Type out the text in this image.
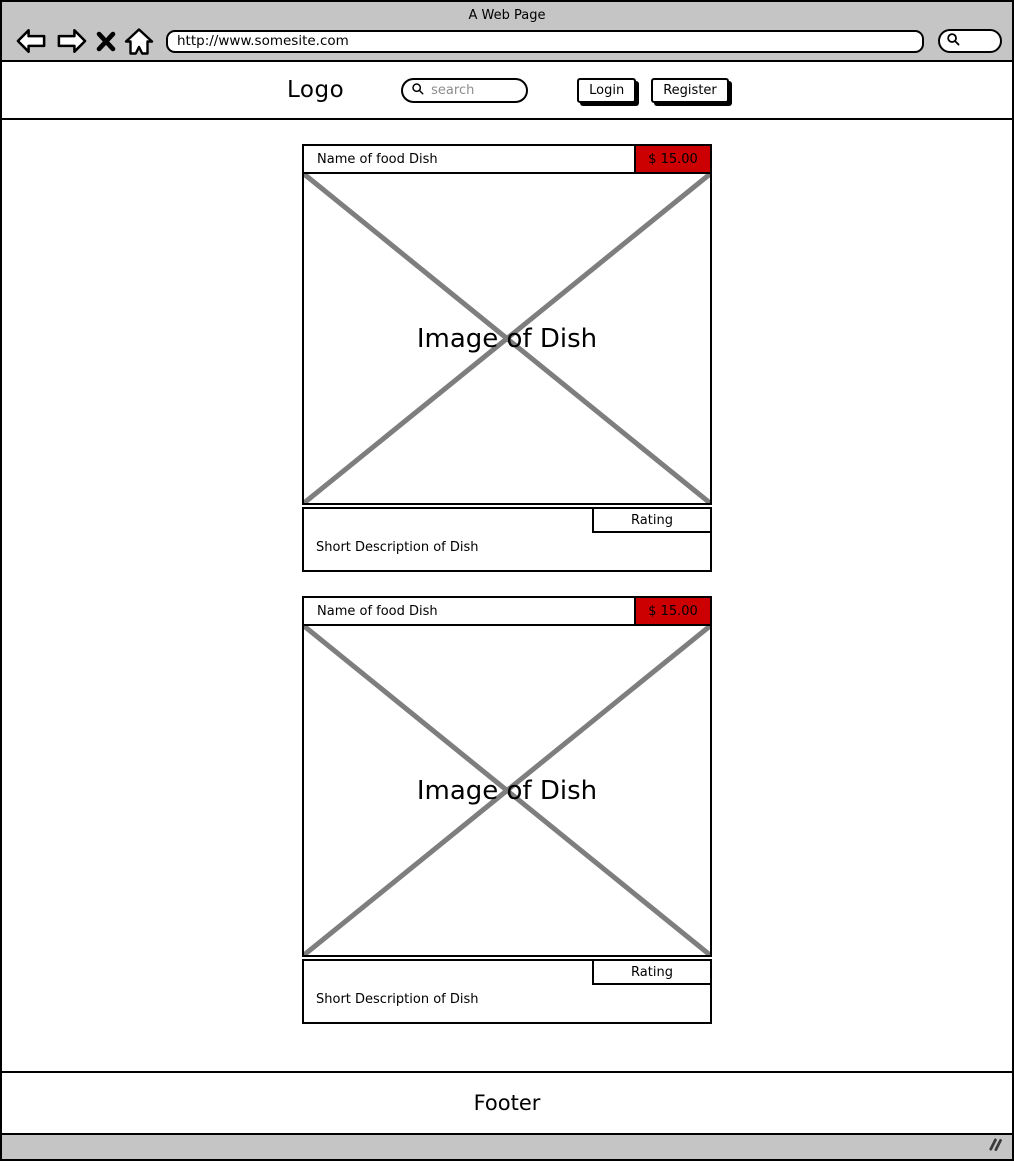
A Web Page
http://www.somesite.com
Logo	search	Login	Register
Name of food Dish	$ 15.00
Image of Dish
Rating
Short Description of Dish
Name of food Dish	$ 15.00
Image of Dish
Rating
Short Description of Dish
Footer
